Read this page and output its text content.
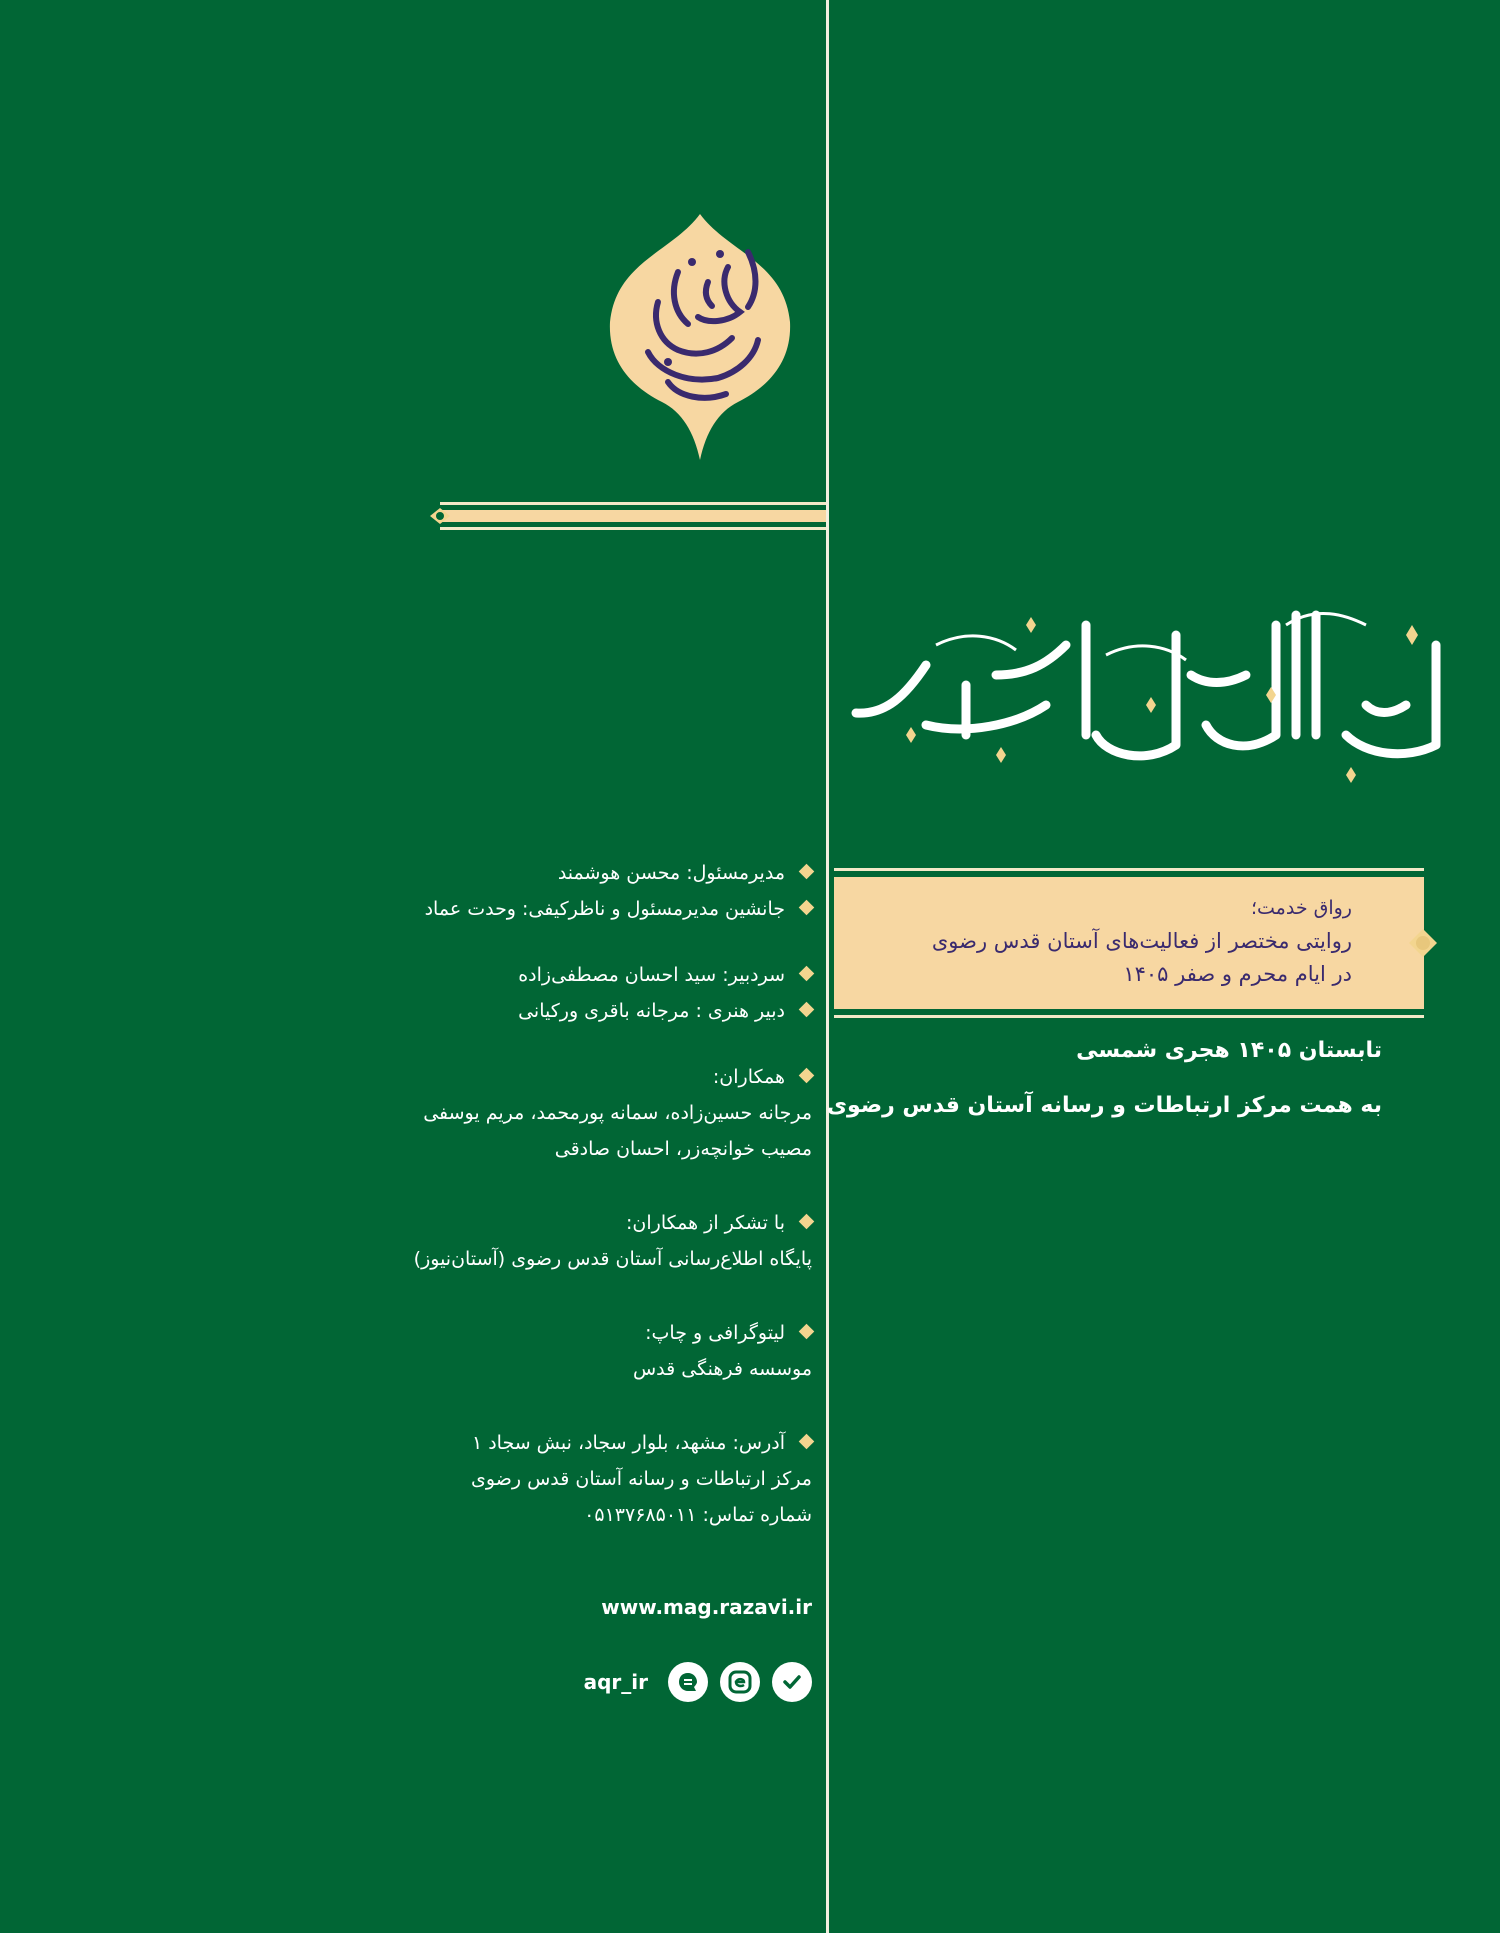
رواق خدمت؛
روایتی مختصر از فعالیت‌های آستان قدس رضوی
در ایام محرم و صفر ۱۴۰۵
تابستان ۱۴۰۵ هجری شمسی
به همت مرکز ارتباطات و رسانه آستان قدس رضوی
مدیرمسئول: محسن هوشمند
جانشین مدیرمسئول و ناظرکیفی: وحدت عماد
سردبیر: سید احسان مصطفی‌زاده
دبیر هنری : مرجانه باقری ورکیانی
همکاران:
مرجانه حسین‌زاده، سمانه پورمحمد، مریم یوسفی
مصیب خوانچه‌زر، احسان صادقی
با تشکر از همکاران:
پایگاه اطلاع‌رسانی آستان قدس رضوی (آستان‌نیوز)
لیتوگرافی و چاپ:
موسسه فرهنگی قدس
آدرس: مشهد، بلوار سجاد، نبش سجاد ۱
مرکز ارتباطات و رسانه آستان قدس رضوی
شماره تماس: ۰۵۱۳۷۶۸۵۰۱۱
www.mag.razavi.ir
aqr_ir
